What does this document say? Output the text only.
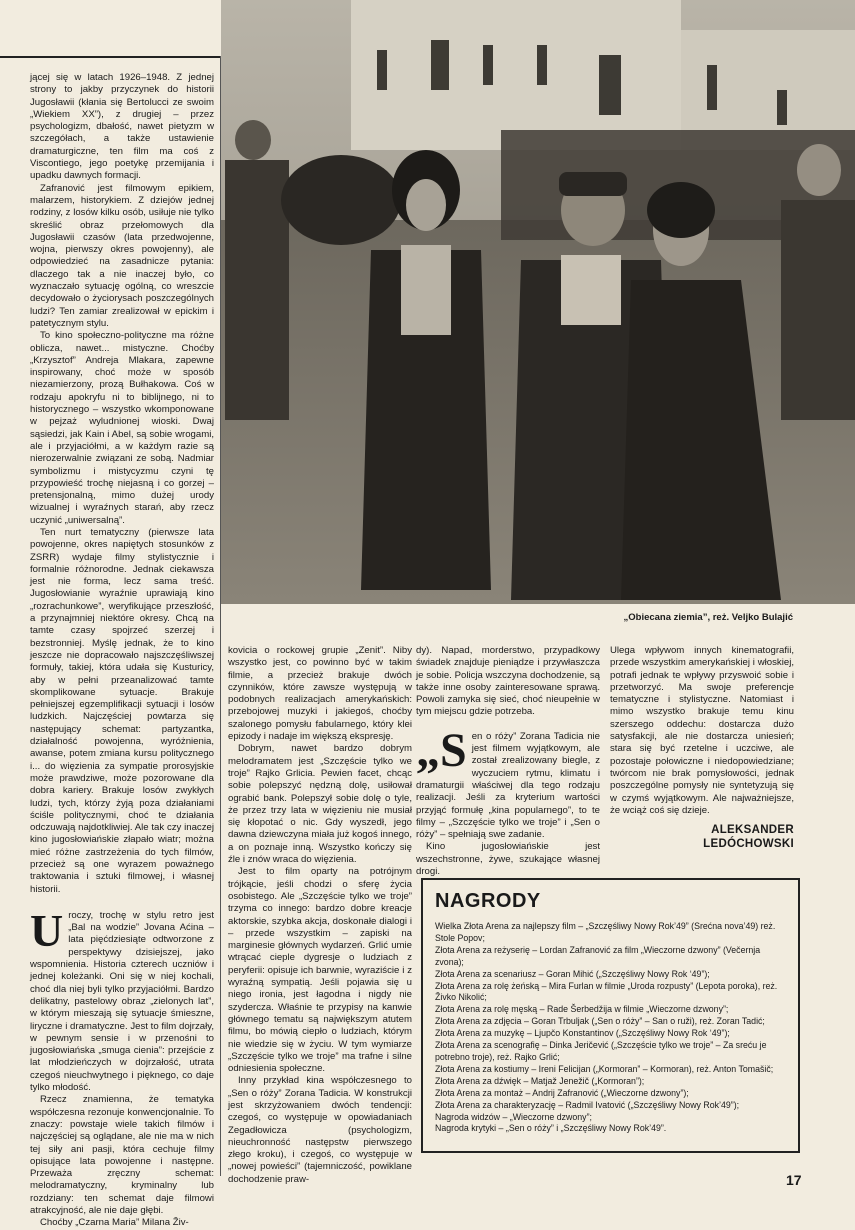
jącej się w latach 1926–1948. Z jednej strony to jakby przyczynek do historii Jugosławii (kłania się Bertolucci ze swoim „Wiekiem XX”), z drugiej – przez psychologizm, dbałość, nawet pietyzm w szczegółach, a także ustawienie dramaturgiczne, ten film ma coś z Viscontiego, jego poetykę przemijania i upadku dawnych formacji.

Zafranović jest filmowym epikiem, malarzem, historykiem. Z dziejów jednej rodziny, z losów kilku osób, usiłuje nie tylko skreślić obraz przełomowych dla Jugosławii czasów (lata przedwojenne, wojna, pierwszy okres powojenny), ale odpowiedzieć na zasadnicze pytania: dlaczego tak a nie inaczej było, co wyznaczało sytuację ogólną, co wreszcie decydowało o życiorysach poszczególnych ludzi? Ten zamiar zrealizował w epickim i patetycznym stylu.

To kino społeczno-polityczne ma różne oblicza, nawet... mistyczne. Choćby „Krzysztof” Andreja Mlakara, zapewne inspirowany, choć może w sposób niezamierzony, prozą Bułhakowa. Coś w rodzaju apokryfu ni to biblijnego, ni to historycznego – wszystko wkomponowane w pejzaż wyludnionej wioski. Dwaj sąsiedzi, jak Kain i Abel, są sobie wrogami, ale i przyjaciółmi, a w każdym razie są nierozerwalnie związani ze sobą. Nadmiar symbolizmu i mistycyzmu czyni tę przypowieść trochę niejasną i co gorzej – pretensjonalną, mimo dużej urody wizualnej i wyraźnych starań, aby rzecz uczynić „uniwersalną”.

Ten nurt tematyczny (pierwsze lata powojenne, okres napiętych stosunków z ZSRR) wydaje filmy stylistycznie i formalnie różnorodne. Jednak ciekawsza jest nie forma, lecz sama treść. Jugosłowianie wyraźnie uprawiają kino „rozrachunkowe”, weryfikujące przeszłość, a przynajmniej niektóre okresy. Chcą na tamte czasy spojrzeć szerzej i bezstronniej. Myślę jednak, że to kino jeszcze nie dopracowało najszczęśliwszej formuły, takiej, która udała się Kusturicy, aby w pełni przeanalizować tamte skomplikowane sytuacje. Brakuje pełniejszej egzemplifikacji sytuacji i losów ludzkich. Najczęściej powtarza się następujący schemat: partyzantka, działalność powojenna, wyróżnienia, awanse, potem zmiana kursu politycznego i... do więzienia za sympatie prorosyjskie może prawdziwe, może pozorowane dla dobra kariery. Brakuje losów zwykłych ludzi, tych, którzy żyją poza działaniami ściśle politycznymi, choć te działania odczuwają najdotkliwiej. Ale tak czy inaczej kino jugosłowiańskie złapało wiatr; można mieć różne zastrzeżenia do tych filmów, przecież są one wyrazem poważnego traktowania i sztuki filmowej, i własnej historii.

U roczy, trochę w stylu retro jest „Bal na wodzie” Jovana Aćina – lata pięćdziesiąte odtworzone z perspektywy dzisiejszej, jako wspomnienia. Historia czterech uczniów i jednej koleżanki. Oni się w niej kochali, choć dla niej byli tylko przyjaciółmi. Bardzo delikatny, pastelowy obraz „zielonych lat”, w którym mieszają się sytuacje śmieszne, liryczne i dramatyczne. Jest to film dojrzały, w pewnym sensie i w przenośni to jugosłowiańska „smuga cienia”: przejście z lat młodzieńczych w dojrzałość, utrata czegoś nieuchwytnego i pięknego, co daje tylko młodość.

Rzecz znamienna, że tematyka współczesna rezonuje konwencjonalnie. To znaczy: powstaje wiele takich filmów i najczęściej są oglądane, ale nie ma w nich tej siły ani pasji, która cechuje filmy opisujące lata powojenne i następne. Przeważa zręczny schemat: melodramatyczny, kryminalny lub rozdziany: ten schemat daje filmowi atrakcyjność, ale nie daje głębi.

Choćby „Czarna Maria” Milana Živ-

„Obiecana ziemia”, reż. Veljko Bulajić

kovicia o rockowej grupie „Zenit”. Niby wszystko jest, co powinno być w takim filmie, a przecież brakuje dwóch czynników, które zawsze występują w podobnych realizacjach amerykańskich: przebojowej muzyki i jakiegoś, choćby szalonego pomysłu fabularnego, który klei epizody i nadaje im większą ekspresję.

Dobrym, nawet bardzo dobrym melodramatem jest „Szczęście tylko we troje” Rajko Grlicia. Pewien facet, chcąc sobie polepszyć nędzną dolę, usiłował ograbić bank. Polepszył sobie dolę o tyle, że przez trzy lata w więzieniu nie musiał się kłopotać o nic. Gdy wyszedł, jego dawna dziewczyna miała już kogoś innego, a on poznaje inną. Wszystko kończy się źle i znów wraca do więzienia.

Jest to film oparty na potrójnym trójkącie, jeśli chodzi o sferę życia osobistego. Ale „Szczęście tylko we troje” trzyma co innego: bardzo dobre kreacje aktorskie, szybka akcja, doskonałe dialogi i – przede wszystkim – zapiski na marginesie głównych wydarzeń. Grlić umie wtrącać cieple dygresje o ludziach z peryferii: opisuje ich barwnie, wyraziście i z wyraźną sympatią. Jeśli pojawia się u niego ironia, jest łagodna i nigdy nie szydercza. Właśnie te przypisy na kanwie głównego tematu są największym atutem filmu, bo mówią ciepło o ludziach, którym nie wiedzie się w życiu. W tym wymiarze „Szczęście tylko we troje” ma trafne i silne odniesienia społeczne.

Inny przykład kina współczesnego to „Sen o róży” Zorana Tadicia. W konstrukcji jest skrzyżowaniem dwóch tendencji: czegoś, co występuje w opowiadaniach Zegadłowicza (psychologizm, nieuchronność następstw pierwszego złego kroku), i czegoś, co występuje w „nowej powieści” (tajemniczość, powiklane dochodzenie praw-

dy). Napad, morderstwo, przypadkowy świadek znajduje pieniądze i przywłaszcza je sobie. Policja wszczyna dochodzenie, są także inne osoby zainteresowane sprawą. Powoli zamyka się sieć, choć nieupełnie w tym miejscu gdzie potrzeba.

„S en o róży” Zorana Tadicia nie jest filmem wyjątkowym, ale został zrealizowany biegle, z wyczuciem rytmu, klimatu i dramaturgii właściwej dla tego rodzaju realizacji. Jeśli za kryterium wartości przyjąć formułę „kina popularnego”, to te filmy – „Szczęście tylko we troje” i „Sen o róży” – spełniają swe zadanie.

Kino jugosłowiańskie jest wszechstronne, żywe, szukające własnej drogi.

Ulega wpływom innych kinematografii, przede wszystkim amerykańskiej i włoskiej, potrafi jednak te wpływy przyswoić sobie i przetworzyć. Ma swoje preferencje tematyczne i stylistyczne. Natomiast i mimo wszystko brakuje temu kinu szerszego oddechu: dostarcza dużo satysfakcji, ale nie dostarcza uniesień; stara się być rzetelne i uczciwe, ale pozostaje połowiczne i niedopowiedziane; twórcom nie brak pomysłowości, jednak poszczególne pomysły nie syntetyzują się w czymś wyjątkowym. Ale najważniejsze, że wciąż coś się dzieje.

ALEKSANDER
LEDÓCHOWSKI
NAGRODY
Wielka Złota Arena za najlepszy film – „Szczęśliwy Nowy Rok’49” (Srećna nova’49) reż. Stole Popov;
Złota Arena za reżyserię – Lordan Zafranović za film „Wieczorne dzwony” (Večernja zvona);
Złota Arena za scenariusz – Goran Mihić („Szczęśliwy Nowy Rok ‘49”);
Złota Arena za rolę żeńską – Mira Furlan w filmie „Uroda rozpusty” (Lepota poroka), reż. Živko Nikolić;
Złota Arena za rolę męską – Rade Šerbedžija w filmie „Wieczorne dzwony”;
Złota Arena za zdjęcia – Goran Trbuljak („Sen o róży” – San o ruži), reż. Zoran Tadić;
Złota Arena za muzykę – Ljupčo Konstantinov („Szczęśliwy Nowy Rok ‘49”);
Złota Arena za scenografię – Dinka Jeričević („Szczęście tylko we troje” – Za sreću je potrebno troje), reż. Rajko Grlić;
Złota Arena za kostiumy – Ireni Felicijan („Kormoran” – Kormoran), reż. Anton Tomašič;
Złota Arena za dźwięk – Matjaž Jenežič („Kormoran”);
Złota Arena za montaż – Andrij Zafranović („Wieczorne dzwony”);
Złota Arena za charakteryzację – Radmil Ivatović („Szczęśliwy Nowy Rok’49”);
Nagroda widzów – „Wieczorne dzwony”;
Nagroda krytyki – „Sen o róży” i „Szczęśliwy Nowy Rok’49”.
17
